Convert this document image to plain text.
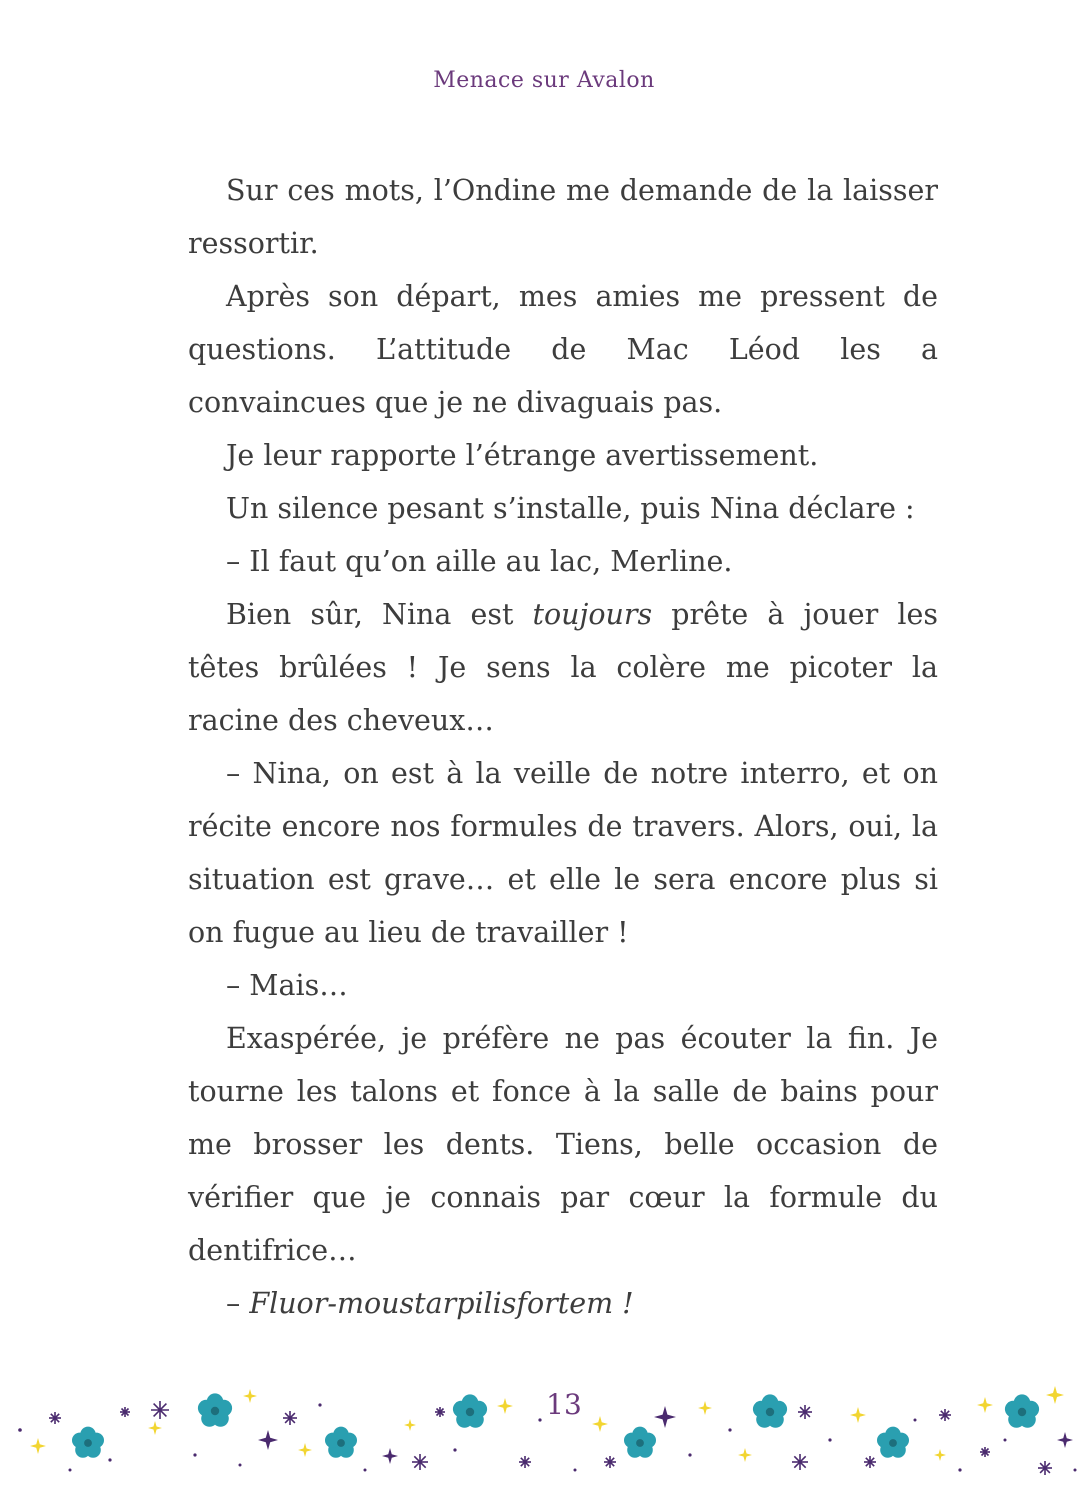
Menace sur Avalon

Sur ces mots, l’Ondine me demande de la laisser ressortir.

Après son départ, mes amies me pressent de questions. L’attitude de Mac Léod les a convaincues que je ne divaguais pas.

Je leur rapporte l’étrange avertissement.

Un silence pesant s’installe, puis Nina déclare :

– Il faut qu’on aille au lac, Merline.

Bien sûr, Nina est toujours prête à jouer les têtes brûlées ! Je sens la colère me picoter la racine des cheveux…

– Nina, on est à la veille de notre interro, et on récite encore nos formules de travers. Alors, oui, la situation est grave… et elle le sera encore plus si on fugue au lieu de travailler !

– Mais…

Exaspérée, je préfère ne pas écouter la fin. Je tourne les talons et fonce à la salle de bains pour me brosser les dents. Tiens, belle occasion de vérifier que je connais par cœur la formule du dentifrice…

– Fluor-moustarpilisfortem !

13
